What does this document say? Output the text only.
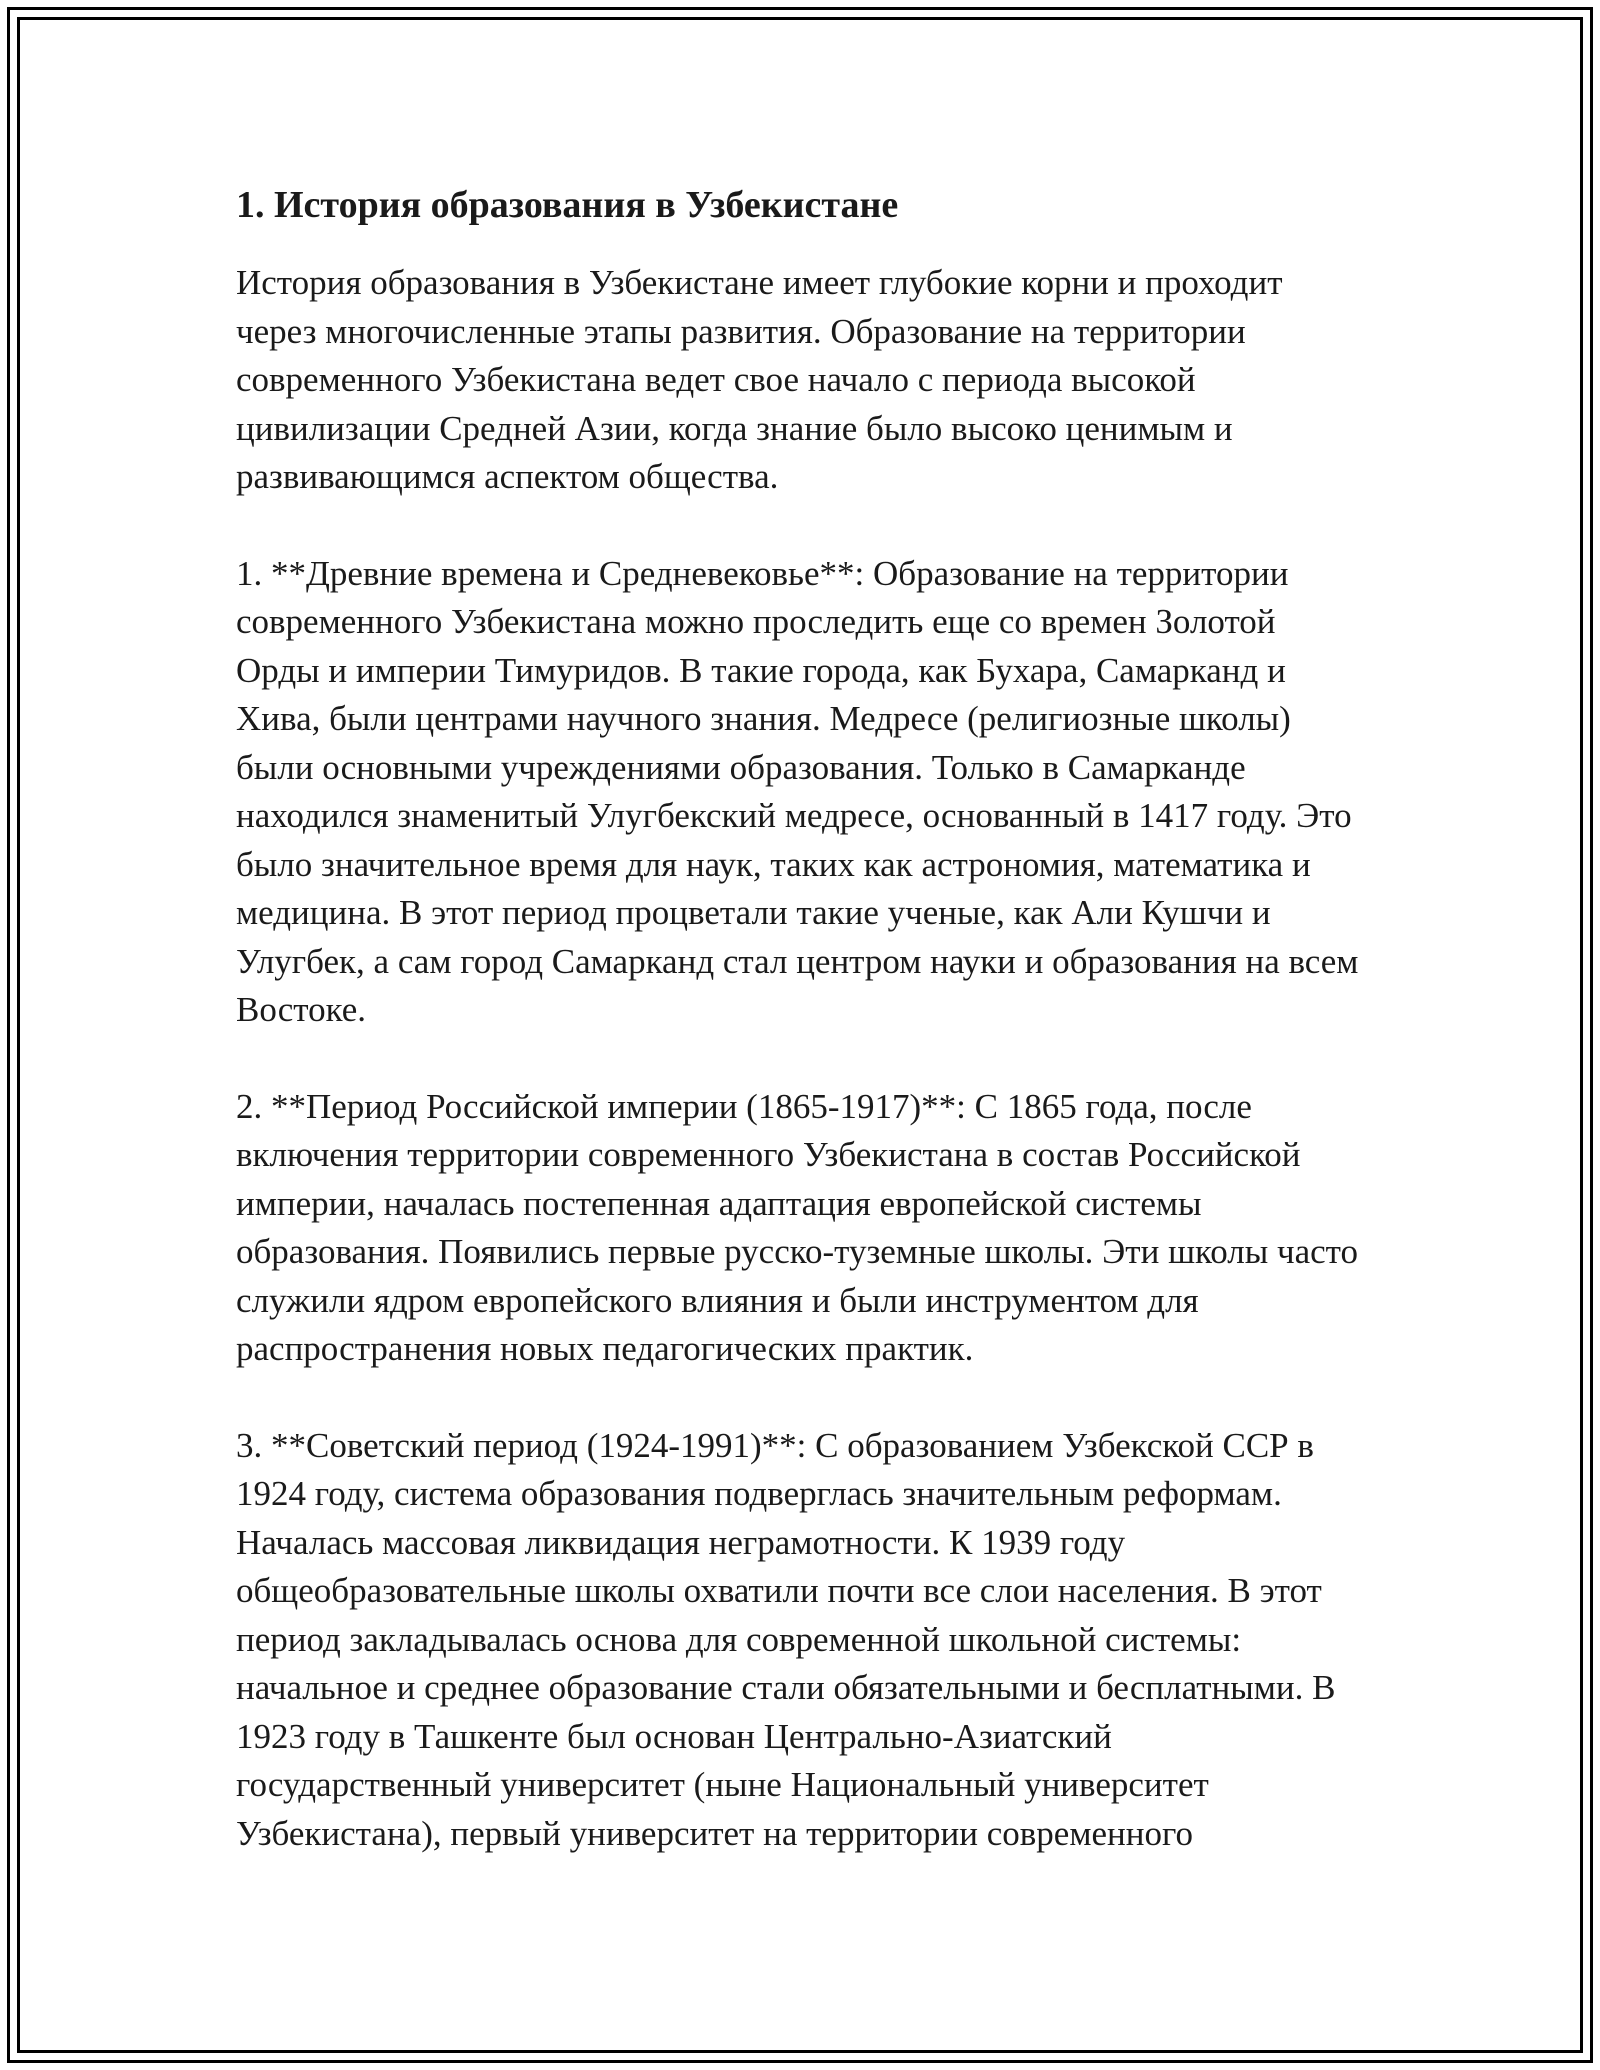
1. История образования в Узбекистане

История образования в Узбекистане имеет глубокие корни и проходит через многочисленные этапы развития. Образование на территории современного Узбекистана ведет свое начало с периода высокой цивилизации Средней Азии, когда знание было высоко ценимым и развивающимся аспектом общества.

1. **Древние времена и Средневековье**: Образование на территории современного Узбекистана можно проследить еще со времен Золотой Орды и империи Тимуридов. В такие города, как Бухара, Самарканд и Хива, были центрами научного знания. Медресе (религиозные школы) были основными учреждениями образования. Только в Самарканде находился знаменитый Улугбекский медресе, основанный в 1417 году. Это было значительное время для наук, таких как астрономия, математика и медицина. В этот период процветали такие ученые, как Али Кушчи и Улугбек, а сам город Самарканд стал центром науки и образования на всем Востоке.

2. **Период Российской империи (1865-1917)**: С 1865 года, после включения территории современного Узбекистана в состав Российской империи, началась постепенная адаптация европейской системы образования. Появились первые русско-туземные школы. Эти школы часто служили ядром европейского влияния и были инструментом для распространения новых педагогических практик.

3. **Советский период (1924-1991)**: С образованием Узбекской ССР в 1924 году, система образования подверглась значительным реформам. Началась массовая ликвидация неграмотности. К 1939 году общеобразовательные школы охватили почти все слои населения. В этот период закладывалась основа для современной школьной системы: начальное и среднее образование стали обязательными и бесплатными. В 1923 году в Ташкенте был основан Центрально-Азиатский государственный университет (ныне Национальный университет Узбекистана), первый университет на территории современного
